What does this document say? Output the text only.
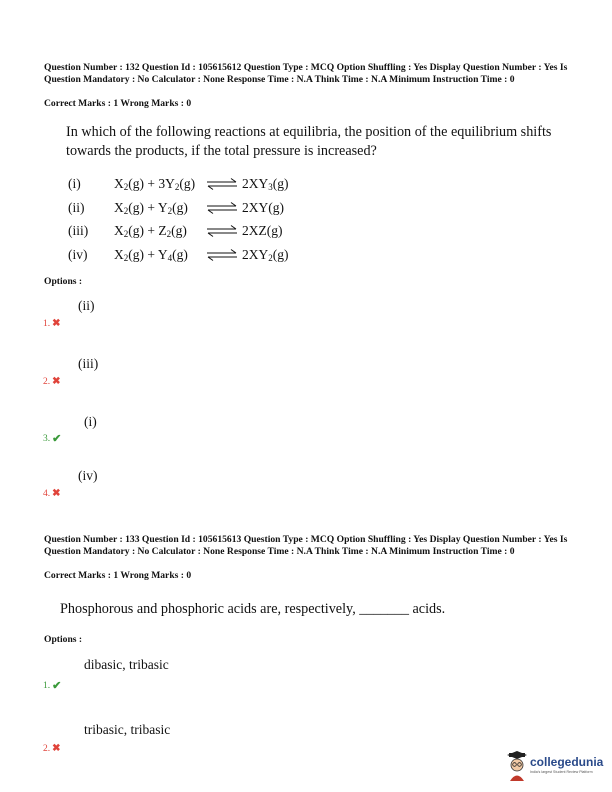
Question Number : 132 Question Id : 105615612 Question Type : MCQ Option Shuffling : Yes Display Question Number : Yes Is Question Mandatory : No Calculator : None Response Time : N.A Think Time : N.A Minimum Instruction Time : 0
Correct Marks : 1 Wrong Marks : 0
In which of the following reactions at equilibria, the position of the equilibrium shifts towards the products, if the total pressure is increased?
(i)	$X_2(g) + 3Y_2(g)$ ⇌ $2XY_3(g)$
(ii)	$X_2(g) + Y_2(g)$ ⇌ 2XY(g)
(iii)	$X_2(g) + Z_2(g)$ ⇌ 2XZ(g)
(iv)	$X_2(g) + Y_4(g)$ ⇌ $2XY_2(g)$
Options :
(ii)
1. ✖
(iii)
2. ✖
(i)
3. ✔
(iv)
4. ✖
Question Number : 133 Question Id : 105615613 Question Type : MCQ Option Shuffling : Yes Display Question Number : Yes Is Question Mandatory : No Calculator : None Response Time : N.A Think Time : N.A Minimum Instruction Time : 0
Correct Marks : 1 Wrong Marks : 0
Phosphorous and phosphoric acids are, respectively, _______ acids.
Options :
dibasic, tribasic
1. ✔
tribasic, tribasic
2. ✖
collegedunia
India's largest Student Review Platform
